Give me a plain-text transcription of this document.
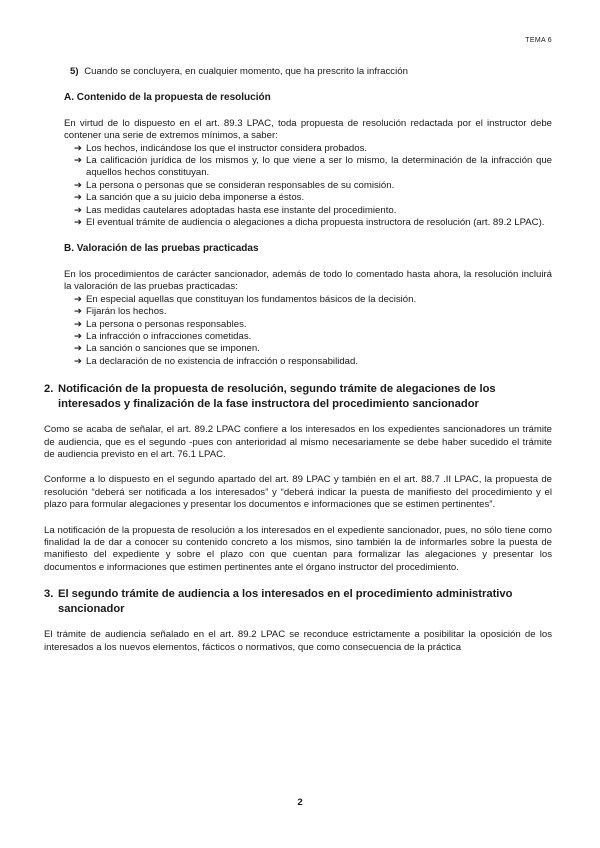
TEMA 6

5) Cuando se concluyera, en cualquier momento, que ha prescrito la infracción

A. Contenido de la propuesta de resolución

En virtud de lo dispuesto en el art. 89.3 LPAC, toda propuesta de resolución redactada por el instructor debe contener una serie de extremos mínimos, a saber:

➔ Los hechos, indicándose los que el instructor considera probados.
➔ La calificación jurídica de los mismos y, lo que viene a ser lo mismo, la determinación de la infracción que aquellos hechos constituyan.
➔ La persona o personas que se consideran responsables de su comisión.
➔ La sanción que a su juicio deba imponerse a éstos.
➔ Las medidas cautelares adoptadas hasta ese instante del procedimiento.
➔ El eventual trámite de audiencia o alegaciones a dicha propuesta instructora de resolución (art. 89.2 LPAC).

B. Valoración de las pruebas practicadas

En los procedimientos de carácter sancionador, además de todo lo comentado hasta ahora, la resolución incluirá la valoración de las pruebas practicadas:

➔ En especial aquellas que constituyan los fundamentos básicos de la decisión.
➔ Fijarán los hechos.
➔ La persona o personas responsables.
➔ La infracción o infracciones cometidas.
➔ La sanción o sanciones que se imponen.
➔ La declaración de no existencia de infracción o responsabilidad.

2. Notificación de la propuesta de resolución, segundo trámite de alegaciones de los interesados y finalización de la fase instructora del procedimiento sancionador

Como se acaba de señalar, el art. 89.2 LPAC confiere a los interesados en los expedientes sancionadores un trámite de audiencia, que es el segundo -pues con anterioridad al mismo necesariamente se debe haber sucedido el trámite de audiencia previsto en el art. 76.1 LPAC.

Conforme a lo dispuesto en el segundo apartado del art. 89 LPAC y también en el art. 88.7 .II LPAC, la propuesta de resolución “deberá ser notificada a los interesados” y “deberá indicar la puesta de manifiesto del procedimiento y el plazo para formular alegaciones y presentar los documentos e informaciones que se estimen pertinentes”.

La notificación de la propuesta de resolución a los interesados en el expediente sancionador, pues, no sólo tiene como finalidad la de dar a conocer su contenido concreto a los mismos, sino también la de informarles sobre la puesta de manifiesto del expediente y sobre el plazo con que cuentan para formalizar las alegaciones y presentar los documentos e informaciones que estimen pertinentes ante el órgano instructor del procedimiento.

3. El segundo trámite de audiencia a los interesados en el procedimiento administrativo sancionador

El trámite de audiencia señalado en el art. 89.2 LPAC se reconduce estrictamente a posibilitar la oposición de los interesados a los nuevos elementos, fácticos o normativos, que como consecuencia de la práctica

2
